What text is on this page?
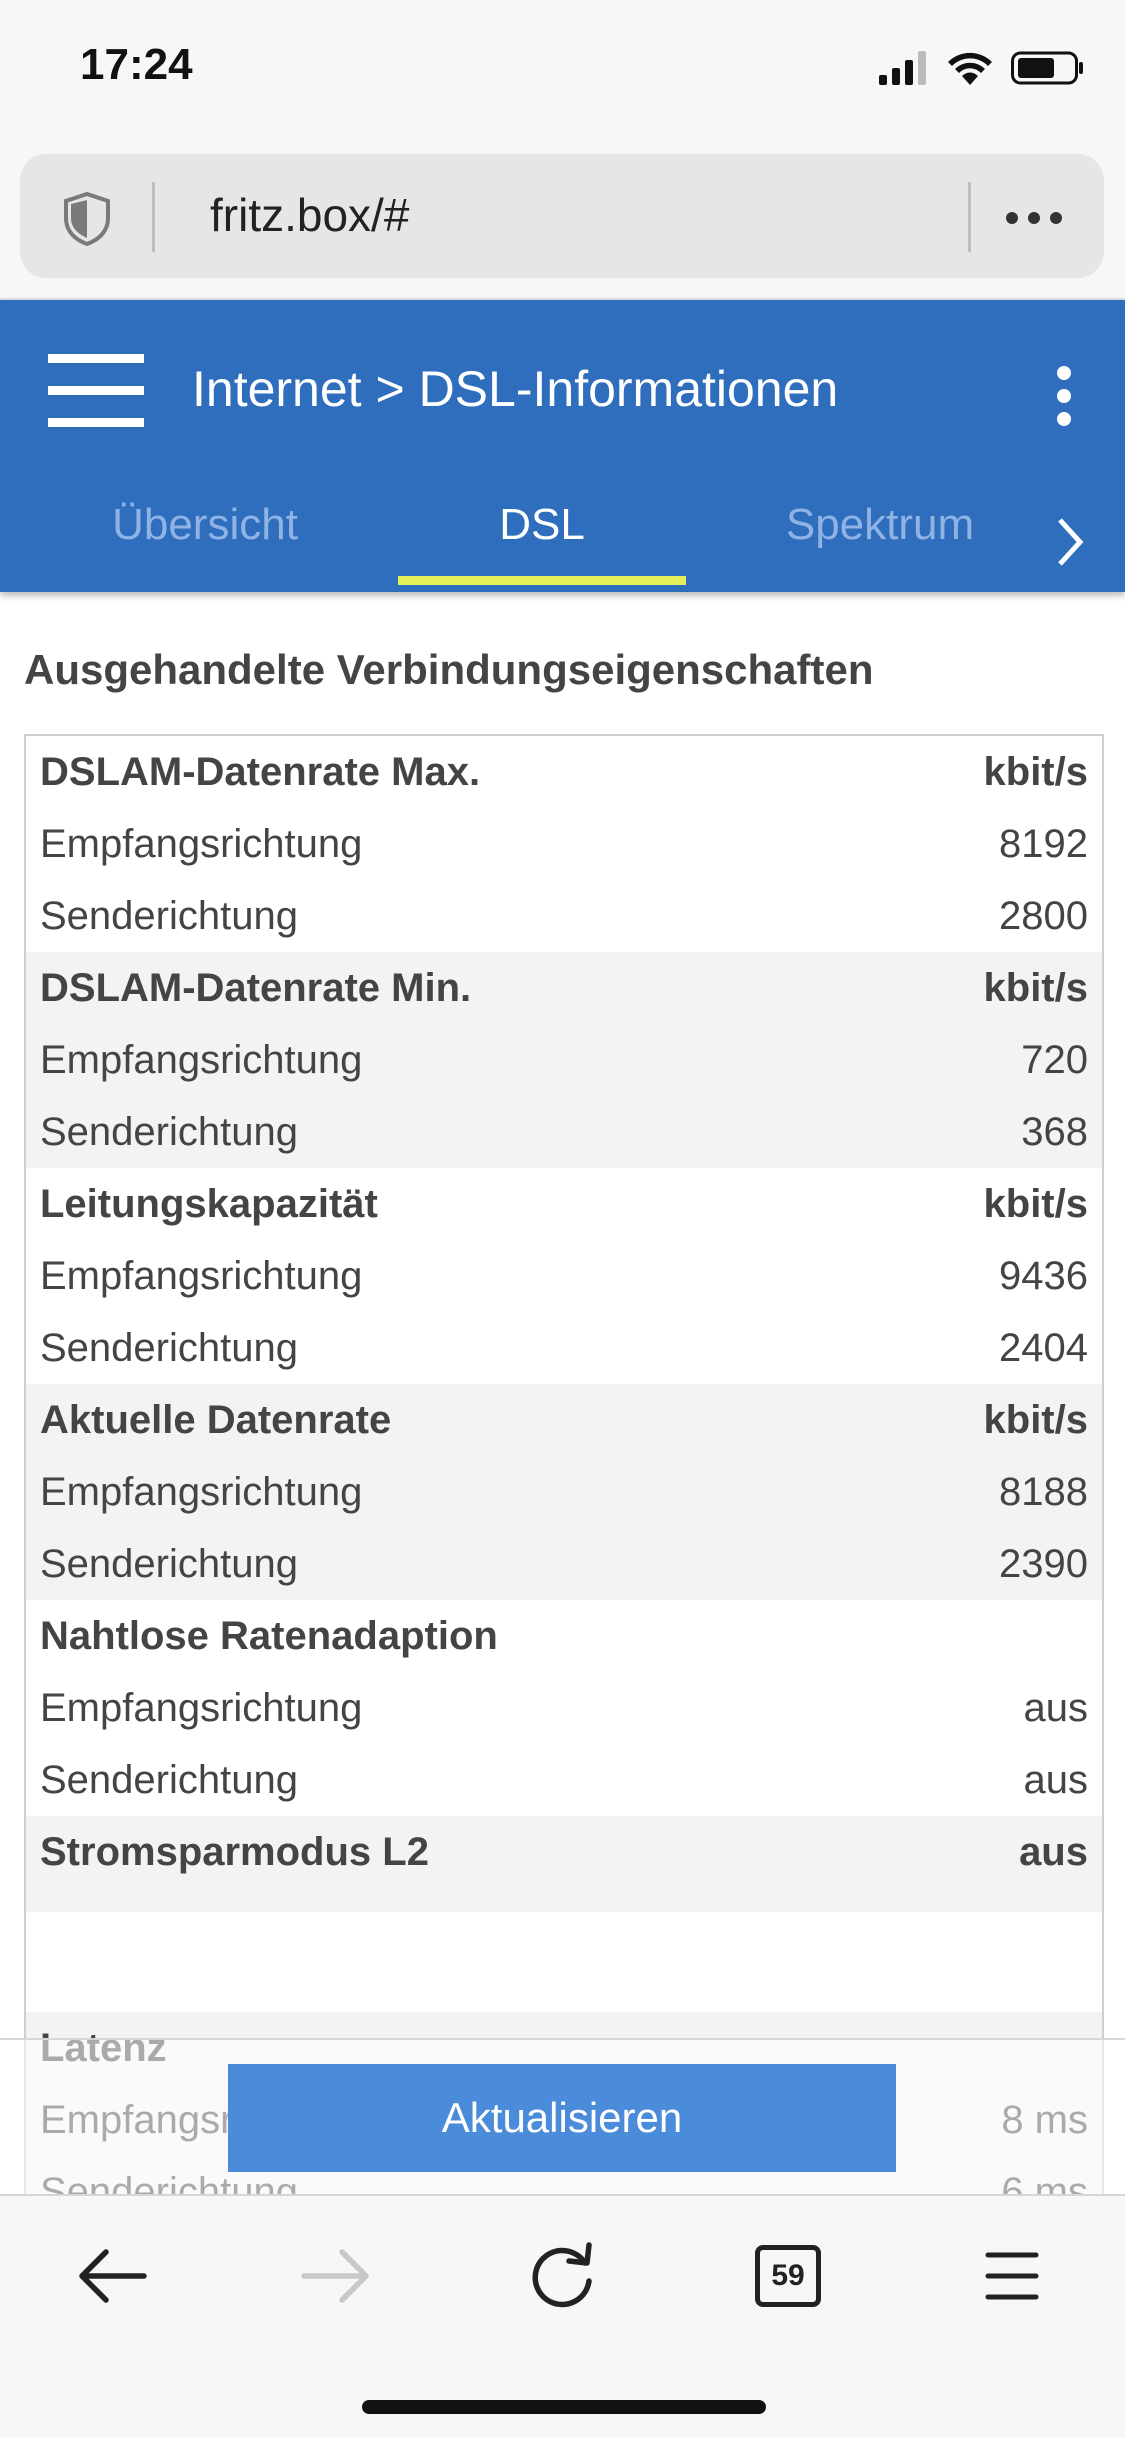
17:24
fritz.box/#
Internet > DSL-Informationen
Übersicht	DSL	Spektrum
Ausgehandelte Verbindungseigenschaften
DSLAM-Datenrate Max.	kbit/s
Empfangsrichtung	8192
Senderichtung	2800
DSLAM-Datenrate Min.	kbit/s
Empfangsrichtung	720
Senderichtung	368
Leitungskapazität	kbit/s
Empfangsrichtung	9436
Senderichtung	2404
Aktuelle Datenrate	kbit/s
Empfangsrichtung	8188
Senderichtung	2390
Nahtlose Ratenadaption
Empfangsrichtung	aus
Senderichtung	aus
Stromsparmodus L2	aus
Aktualisieren
59
